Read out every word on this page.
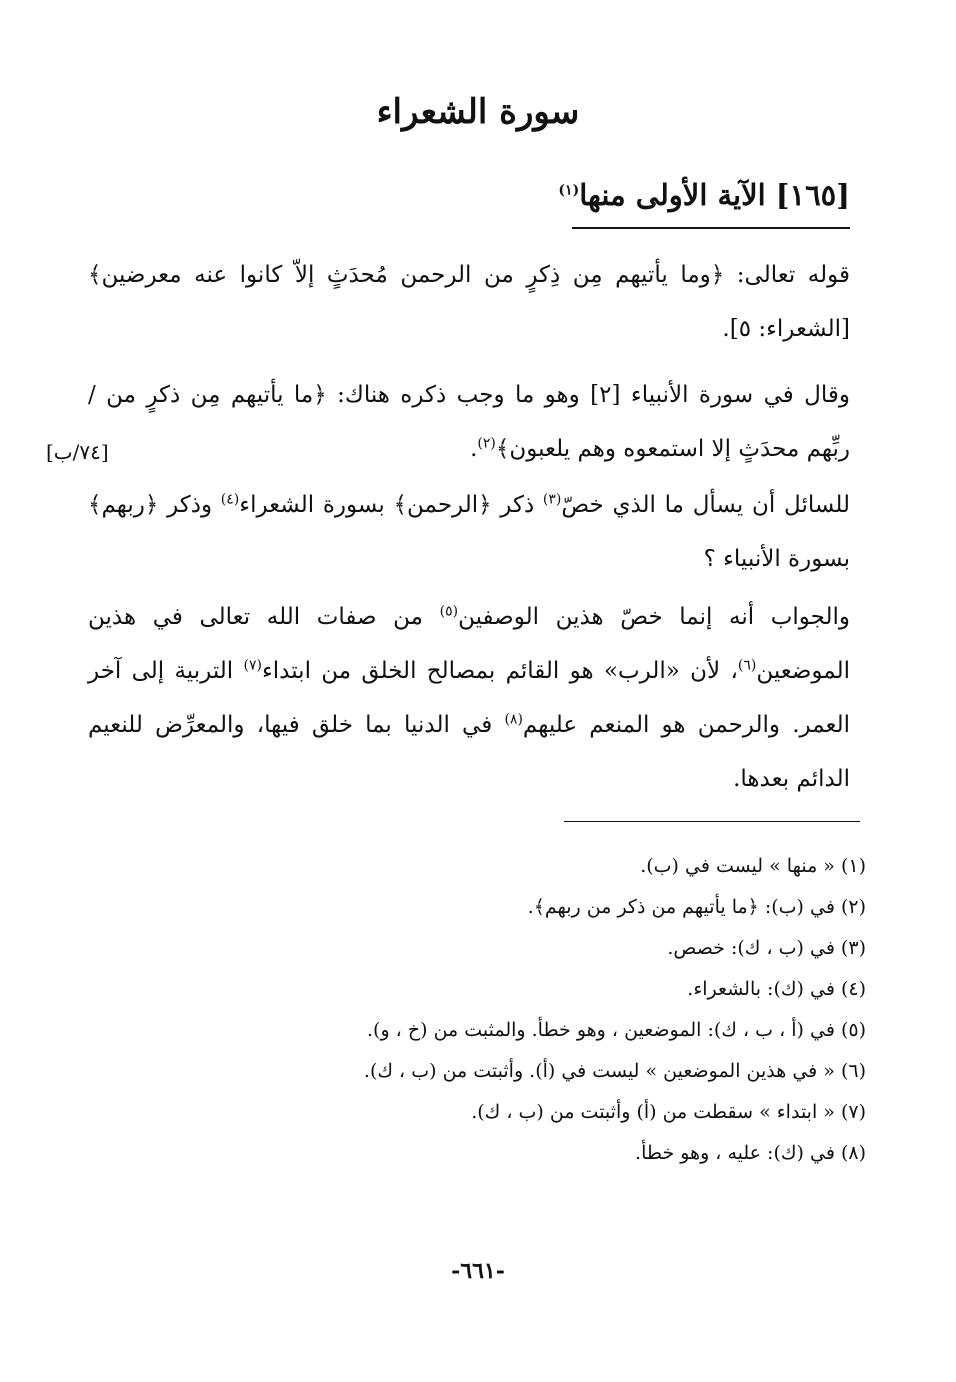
سورة الشعراء
[١٦٥] الآية الأولى منها$^{(١)}$

قوله تعالى: ﴿وما يأتيهم مِن ذِكرٍ من الرحمن مُحدَثٍ إلاّ كانوا عنه معرضين﴾ [الشعراء: ٥].

وقال في سورة الأنبياء [٢] وهو ما وجب ذكره هناك: ﴿ما يأتيهم مِن ذكرٍ من / ربِّهم محدَثٍ إلا استمعوه وهم يلعبون﴾$^{(٢)}$.

[٧٤/ب]

للسائل أن يسأل ما الذي خصّ$^{(٣)}$ ذكر ﴿الرحمن﴾ بسورة الشعراء$^{(٤)}$ وذكر ﴿ربهم﴾ بسورة الأنبياء ؟

والجواب أنه إنما خصّ هذين الوصفين$^{(٥)}$ من صفات الله تعالى في هذين الموضعين$^{(٦)}$، لأن «الرب» هو القائم بمصالح الخلق من ابتداء$^{(٧)}$ التربية إلى آخر العمر. والرحمن هو المنعم عليهم$^{(٨)}$ في الدنيا بما خلق فيها، والمعرِّض للنعيم الدائم بعدها.

(١) « منها » ليست في (ب).
(٢) في (ب): ﴿ما يأتيهم من ذكر من ربهم﴾.
(٣) في (ب ، ك): خصص.
(٤) في (ك): بالشعراء.
(٥) في (أ ، ب ، ك): الموضعين ، وهو خطأ. والمثبت من (خ ، و).
(٦) « في هذين الموضعين » ليست في (أ). وأثبتت من (ب ، ك).
(٧) « ابتداء » سقطت من (أ) وأثبتت من (ب ، ك).
(٨) في (ك): عليه ، وهو خطأ.
-٦٦١-
